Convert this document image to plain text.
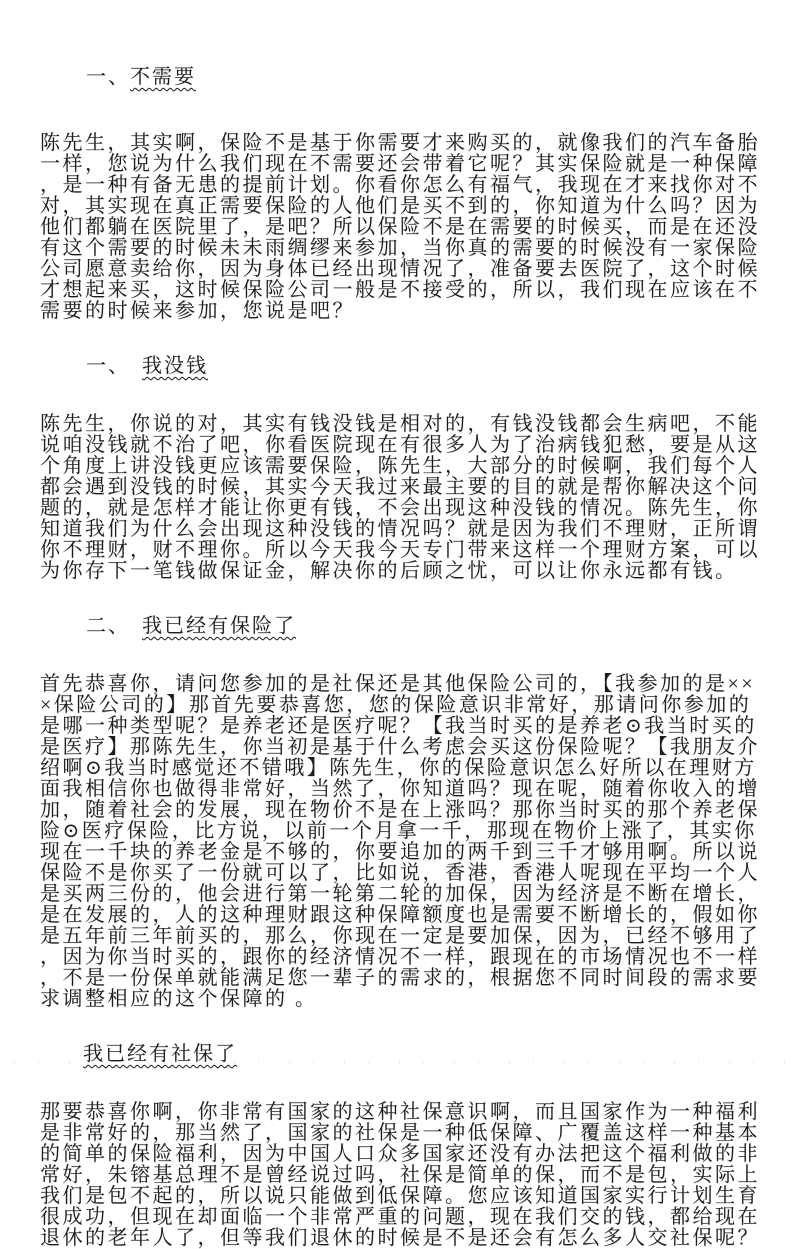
一、不需要

陈先生，其实啊，保险不是基于你需要才来购买的，就像我们的汽车备胎一样，您说为什么我们现在不需要还会带着它呢？其实保险就是一种保障，是一种有备无患的提前计划。你看你怎么有福气，我现在才来找你对不对，其实现在真正需要保险的人他们是买不到的，你知道为什么吗？因为他们都躺在医院里了，是吧？所以保险不是在需要的时候买，而是在还没有这个需要的时候未未雨绸缪来参加，当你真的需要的时候没有一家保险公司愿意卖给你，因为身体已经出现情况了，准备要去医院了，这个时候才想起来买，这时候保险公司一般是不接受的，所以，我们现在应该在不需要的时候来参加，您说是吧？

一、　我没钱

陈先生，你说的对，其实有钱没钱是相对的，有钱没钱都会生病吧，不能说咱没钱就不治了吧，你看医院现在有很多人为了治病钱犯愁，要是从这个角度上讲没钱更应该需要保险，陈先生，大部分的时候啊，我们每个人都会遇到没钱的时候，其实今天我过来最主要的目的就是帮你解决这个问题的，就是怎样才能让你更有钱，不会出现这种没钱的情况。陈先生，你知道我们为什么会出现这种没钱的情况吗？就是因为我们不理财，正所谓你不理财，财不理你。所以今天我今天专门带来这样一个理财方案，可以为你存下一笔钱做保证金，解决你的后顾之忧，可以让你永远都有钱。

二、　我已经有保险了

首先恭喜你，请问您参加的是社保还是其他保险公司的，【我参加的是×××保险公司的】那首先要恭喜您，您的保险意识非常好，那请问你参加的是哪一种类型呢？是养老还是医疗呢？【我当时买的是养老⊙我当时买的是医疗】那陈先生，你当初是基于什么考虑会买这份保险呢？【我朋友介绍啊⊙我当时感觉还不错哦】陈先生，你的保险意识怎么好所以在理财方面我相信你也做得非常好，当然了，你知道吗？现在呢，随着你收入的增加，随着社会的发展，现在物价不是在上涨吗？那你当时买的那个养老保险⊙医疗保险，比方说，以前一个月拿一千，那现在物价上涨了，其实你现在一千块的养老金是不够的，你要追加的两千到三千才够用啊。所以说保险不是你买了一份就可以了，比如说，香港，香港人呢现在平均一个人是买两三份的，他会进行第一轮第二轮的加保，因为经济是不断在增长，是在发展的，人的这种理财跟这种保障额度也是需要不断增长的，假如你是五年前三年前买的，那么，你现在一定是要加保，因为，已经不够用了，因为你当时买的，跟你的经济情况不一样，跟现在的市场情况也不一样，不是一份保单就能满足您一辈子的需求的，根据您不同时间段的需求要求调整相应的这个保障的 。

我已经有社保了

那要恭喜你啊，你非常有国家的这种社保意识啊，而且国家作为一种福利是非常好的，那当然了，国家的社保是一种低保障、广覆盖这样一种基本的简单的保险福利，因为中国人口众多国家还没有办法把这个福利做的非常好，朱镕基总理不是曾经说过吗，社保是简单的保，而不是包，实际上我们是包不起的，所以说只能做到低保障。您应该知道国家实行计划生育很成功，但现在却面临一个非常严重的问题，现在我们交的钱，都给现在退休的老年人了，但等我们退休的时候是不是还会有怎么多人交社保呢？
